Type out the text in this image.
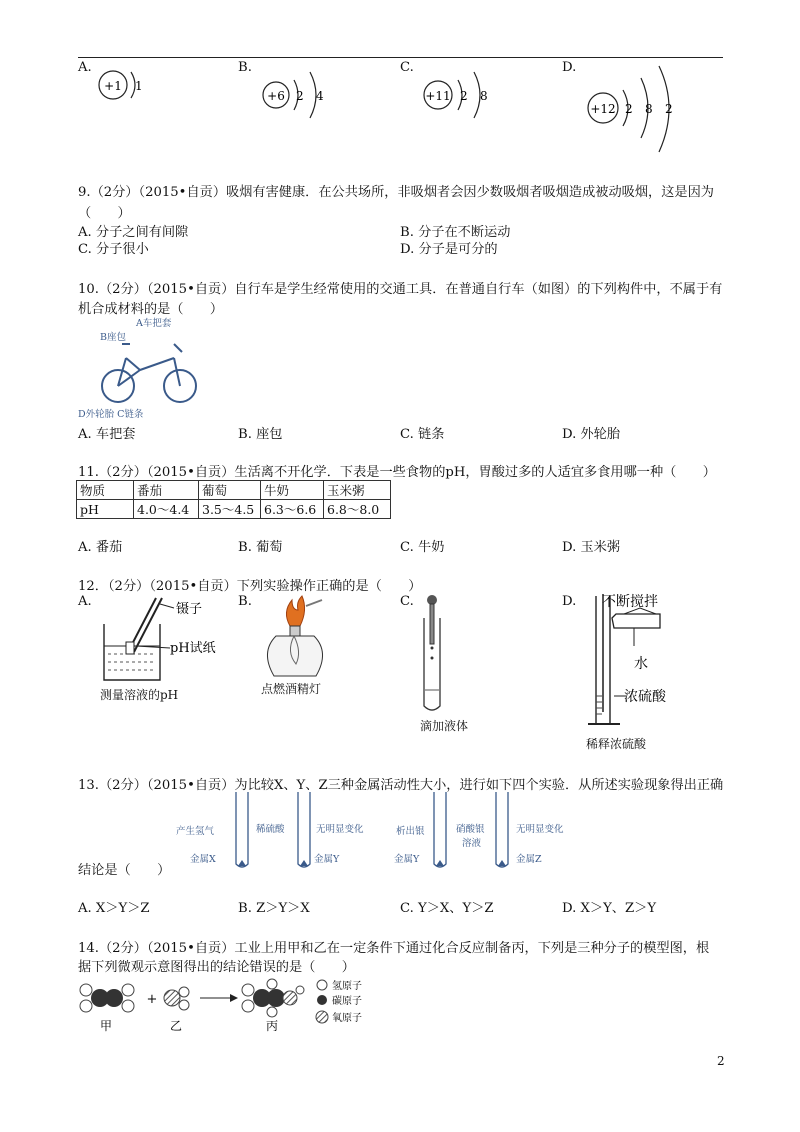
A.
+1 1
B.
+6 2 4
C.
+11 2 8
D.
+12 2 8 2
9.（2分）（2015•自贡）吸烟有害健康．在公共场所，非吸烟者会因少数吸烟者吸烟造成被动吸烟，这是因为
（　　）
A. 分子之间有间隙	B. 分子在不断运动
C. 分子很小	D. 分子是可分的
10.（2分）（2015•自贡）自行车是学生经常使用的交通工具．在普通自行车（如图）的下列构件中，不属于有
机合成材料的是（　　）
A车把套
B座包
D外轮胎 C链条
A. 车把套	B. 座包	C. 链条	D. 外轮胎
11.（2分）（2015•自贡）生活离不开化学．下表是一些食物的pH，胃酸过多的人适宜多食用哪一种（　　）
物质	番茄	葡萄	牛奶	玉米粥
pH	4.0～4.4	3.5～4.5	6.3～6.6	6.8～8.0
A. 番茄	B. 葡萄	C. 牛奶	D. 玉米粥
12．（2分）（2015•自贡）下列实验操作正确的是（　　）
A.
镊子
pH试纸
测量溶液的pH
B.
点燃酒精灯
C.
滴加液体
D. 不断搅拌
水
浓硫酸
稀释浓硫酸
13.（2分）（2015•自贡）为比较X、Y、Z三种金属活动性大小，进行如下四个实验．从所述实验现象得出正确
产生氢气	稀硫酸	无明显变化
金属X	金属Y
析出银	硝酸银
溶液
无明显变化
金属Y	金属Z
结论是（　　）
A. X＞Y＞Z	B. Z＞Y＞X	C. Y＞X、Y＞Z	D. X＞Y、Z＞Y
14.（2分）（2015•自贡）工业上用甲和乙在一定条件下通过化合反应制备丙，下列是三种分子的模型图，根
据下列微观示意图得出的结论错误的是（　　）
甲
+
乙	丙
氢原子
碳原子
氧原子
2
